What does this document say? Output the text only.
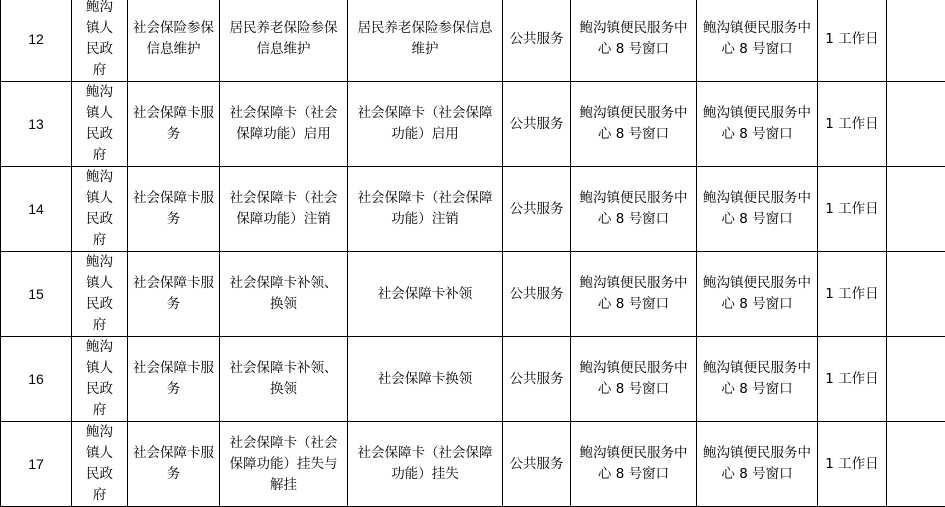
12	鲍沟镇人民政府	社会保险参保信息维护	居民养老保险参保信息维护	居民养老保险参保信息维护	公共服务	鲍沟镇便民服务中心 8 号窗口	鲍沟镇便民服务中心 8 号窗口	1 工作日	
13	鲍沟镇人民政府	社会保障卡服务	社会保障卡（社会保障功能）启用	社会保障卡（社会保障功能）启用	公共服务	鲍沟镇便民服务中心 8 号窗口	鲍沟镇便民服务中心 8 号窗口	1 工作日	
14	鲍沟镇人民政府	社会保障卡服务	社会保障卡（社会保障功能）注销	社会保障卡（社会保障功能）注销	公共服务	鲍沟镇便民服务中心 8 号窗口	鲍沟镇便民服务中心 8 号窗口	1 工作日	
15	鲍沟镇人民政府	社会保障卡服务	社会保障卡补领、换领	社会保障卡补领	公共服务	鲍沟镇便民服务中心 8 号窗口	鲍沟镇便民服务中心 8 号窗口	1 工作日	
16	鲍沟镇人民政府	社会保障卡服务	社会保障卡补领、换领	社会保障卡换领	公共服务	鲍沟镇便民服务中心 8 号窗口	鲍沟镇便民服务中心 8 号窗口	1 工作日	
17	鲍沟镇人民政府	社会保障卡服务	社会保障卡（社会保障功能）挂失与解挂	社会保障卡（社会保障功能）挂失	公共服务	鲍沟镇便民服务中心 8 号窗口	鲍沟镇便民服务中心 8 号窗口	1 工作日	
